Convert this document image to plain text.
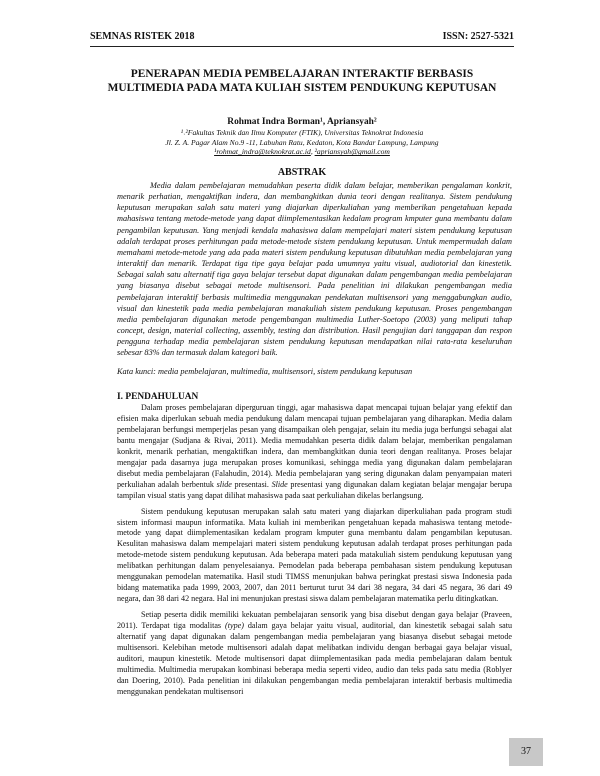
SEMNAS RISTEK 2018	ISSN: 2527-5321
PENERAPAN MEDIA PEMBELAJARAN INTERAKTIF BERBASIS
MULTIMEDIA PADA MATA KULIAH SISTEM PENDUKUNG KEPUTUSAN
Rohmat Indra Borman¹, Apriansyah²
¹˒²Fakultas Teknik dan Ilmu Komputer (FTIK), Universitas Teknokrat Indonesia
Jl. Z. A. Pagar Alam No.9 -11, Labuhan Ratu, Kedaton, Kota Bandar Lampung, Lampung
¹rohmat_indra@teknokrat.ac.id, ²apriansyah@gmail.com
ABSTRAK
Media dalam pembelajaran memudahkan peserta didik dalam belajar, memberikan pengalaman konkrit, menarik perhatian, mengaktifkan indera, dan membangkitkan dunia teori dengan realitanya. Sistem pendukung keputusan merupakan salah satu materi yang diajarkan diperkuliahan yang memberikan pengetahuan kepada mahasiswa tentang metode-metode yang dapat diimplementasikan kedalam program kmputer guna membantu dalam pengambilan keputusan. Yang menjadi kendala mahasiswa dalam mempelajari materi sistem pendukung keputusan adalah terdapat proses perhitungan pada metode-metode sistem pendukung keputusan. Untuk mempermudah dalam memahami metode-metode yang ada pada materi sistem pendukung keputusan dibutuhkan media pembelajaran yang interaktif dan menarik. Terdapat tiga tipe gaya belajar pada umumnya yaitu visual, audiotorial dan kinestetik. Sebagai salah satu alternatif tiga gaya belajar tersebut dapat digunakan dalam pengembangan media pembelajaran yang biasanya disebut sebagai metode multisensori. Pada penelitian ini dilakukan pengembangan media pembelajaran interaktif berbasis multimedia menggunakan pendekatan multisensori yang menggabungkan audio, visual dan kinestetik pada media pembelajaran manakuliah sistem pendukung keputusan. Proses pengembangan media pembelajaran digunakan metode pengembangan multimedia Luther-Soetopo (2003) yang meliputi tahap concept, design, material collecting, assembly, testing dan distribution. Hasil pengujian dari tanggapan dan respon pengguna terhadap media pembelajaran sistem pendukung keputusan mendapatkan nilai rata-rata keseluruhan sebesar 83% dan termasuk dalam kategori baik.
Kata kunci: media pembelajaran, multimedia, multisensori, sistem pendukung keputusan
I. PENDAHULUAN

Dalam proses pembelajaran diperguruan tinggi, agar mahasiswa dapat mencapai tujuan belajar yang efektif dan efisien maka diperlukan sebuah media pendukung dalam mencapai tujuan pembelajaran yang diharapkan. Media dalam pembelajaran berfungsi memperjelas pesan yang disampaikan oleh pengajar, selain itu media juga berfungsi sebagai alat bantu mengajar (Sudjana & Rivai, 2011). Media memudahkan peserta didik dalam belajar, memberikan pengalaman konkrit, menarik perhatian, mengaktifkan indera, dan membangkitkan dunia teori dengan realitanya. Proses belajar mengajar pada dasarnya juga merupakan proses komunikasi, sehingga media yang digunakan dalam pembelajaran disebut media pembelajaran (Falahudin, 2014). Media pembelajaran yang sering digunakan dalam penyampaian materi perkuliahan adalah berbentuk slide presentasi. Slide presentasi yang digunakan dalam kegiatan belajar mengajar berupa tampilan visual statis yang dapat dilihat mahasiswa pada saat perkuliahan dikelas berlangsung.

Sistem pendukung keputusan merupakan salah satu materi yang diajarkan diperkuliahan pada program studi sistem informasi maupun informatika. Mata kuliah ini memberikan pengetahuan kepada mahasiswa tentang metode-metode yang dapat diimplementasikan kedalam program kmputer guna membantu dalam pengambilan keputusan. Kesulitan mahasiswa dalam mempelajari materi sistem pendukung keputusan adalah terdapat proses perhitungan pada metode-metode sistem pendukung keputusan. Ada beberapa materi pada matakuliah sistem pendukung keputusan yang melibatkan perhitungan dalam penyelesaianya. Pemodelan pada beberapa pembahasan sistem pendukung keputusan menggunakan pemodelan matematika. Hasil studi TIMSS menunjukan bahwa peringkat prestasi siswa Indonesia pada bidang matematika pada 1999, 2003, 2007, dan 2011 berturut turut 34 dari 38 negara, 34 dari 45 negara, 36 dari 49 negara, dan 38 dari 42 negara. Hal ini menunjukan prestasi siswa dalam pembelajaran matematika perlu ditingkatkan.

Setiap peserta didik memiliki kekuatan pembelajaran sensorik yang bisa disebut dengan gaya belajar (Praveen, 2011). Terdapat tiga modalitas (type) dalam gaya belajar yaitu visual, auditorial, dan kinestetik sebagai salah satu alternatif yang dapat digunakan dalam pengembangan media pembelajaran yang biasanya disebut sebagai metode multisensori. Kelebihan metode multisensori adalah dapat melibatkan individu dengan berbagai gaya belajar visual, auditori, maupun kinestetik. Metode multisensori dapat diimplementasikan pada media pembelajaran dalam bentuk multimedia. Multimedia merupakan kombinasi beberapa media seperti video, audio dan teks pada satu media (Roblyer dan Doering, 2010). Pada penelitian ini dilakukan pengembangan media pembelajaran interaktif berbasis multimedia menggunakan pendekatan multisensori

37
